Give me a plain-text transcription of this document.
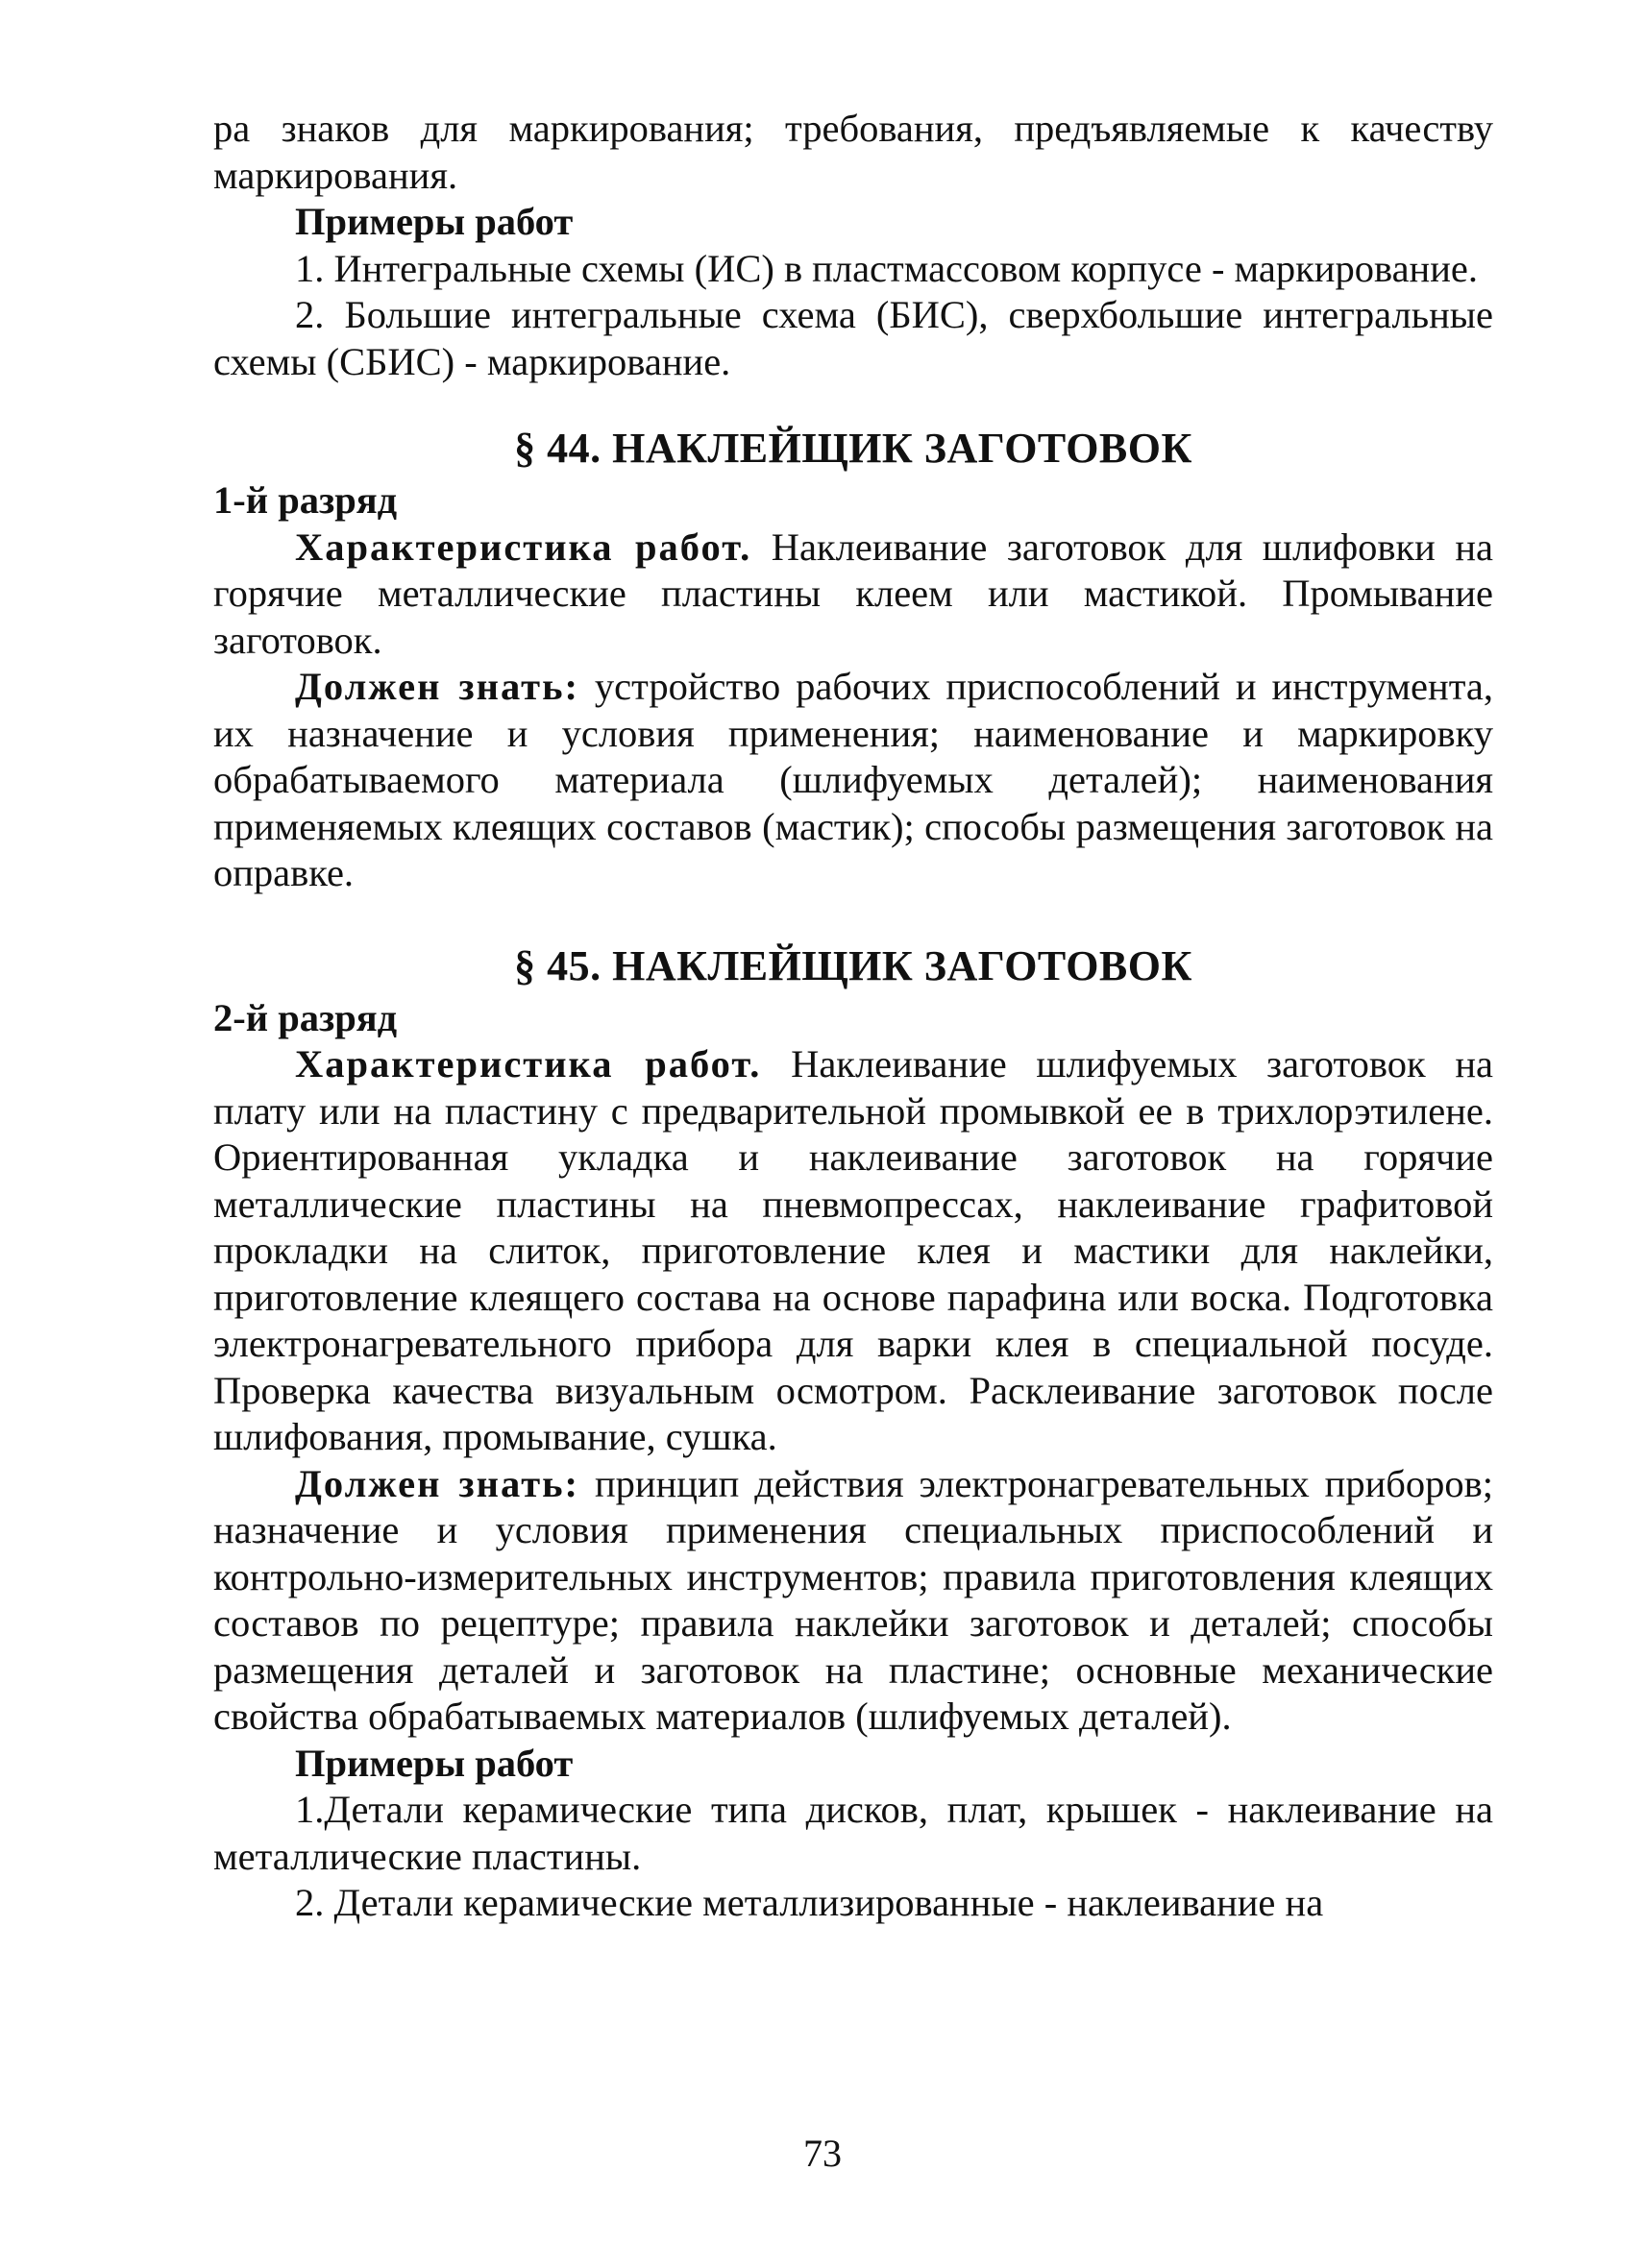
ра знаков для маркирования; требования, предъявляемые к качеству маркирования.

Примеры работ

1. Интегральные схемы (ИС) в пластмассовом корпусе - маркирование.

2. Большие интегральные схема (БИС), сверхбольшие интегральные схемы (СБИС) - маркирование.

§ 44. НАКЛЕЙЩИК ЗАГОТОВОК

1-й разряд

Характеристика работ. Наклеивание заготовок для шлифовки на горячие металлические пластины клеем или мастикой. Промывание заготовок.

Должен знать: устройство рабочих приспособлений и инструмента, их назначение и условия применения; наименование и маркировку обрабатываемого материала (шлифуемых деталей); наименования применяемых клеящих составов (мастик); способы размещения заготовок на оправке.

§ 45. НАКЛЕЙЩИК ЗАГОТОВОК

2-й разряд

Характеристика работ. Наклеивание шлифуемых заготовок на плату или на пластину с предварительной промывкой ее в трихлорэтилене. Ориентированная укладка и наклеивание заготовок на горячие металлические пластины на пневмопрессах, наклеивание графитовой прокладки на слиток, приготовление клея и мастики для наклейки, приготовление клеящего состава на основе парафина или воска. Подготовка электронагревательного прибора для варки клея в специальной посуде. Проверка качества визуальным осмотром. Расклеивание заготовок после шлифования, промывание, сушка.

Должен знать: принцип действия электронагревательных приборов; назначение и условия применения специальных приспособлений и контрольно-измерительных инструментов; правила приготовления клеящих составов по рецептуре; правила наклейки заготовок и деталей; способы размещения деталей и заготовок на пластине; основные механические свойства обрабатываемых материалов (шлифуемых деталей).

Примеры работ

1.Детали керамические типа дисков, плат, крышек - наклеивание на металлические пластины.

2. Детали керамические металлизированные - наклеивание на

73
